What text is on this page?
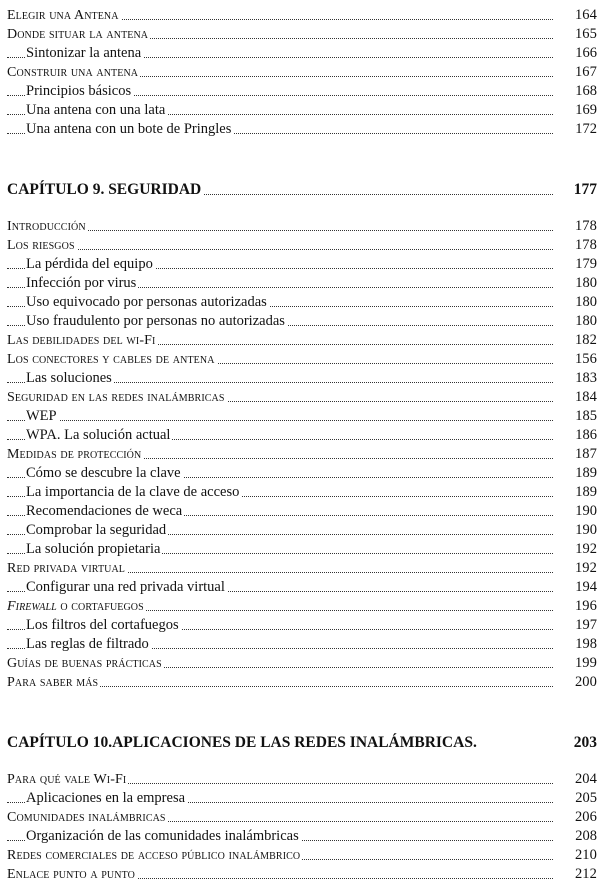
Elegir una Antena	164
Donde situar la antena	165
Sintonizar la antena	166
Construir una antena	167
Principios básicos	168
Una antena con una lata	169
Una antena con un bote de Pringles	172
CAPÍTULO 9. SEGURIDAD	177
Introducción	178
Los riesgos	178
La pérdida del equipo	179
Infección por virus	180
Uso equivocado por personas autorizadas	180
Uso fraudulento por personas no autorizadas	180
Las debilidades del wi-Fi	182
Los conectores y cables de antena	156
Las soluciones	183
Seguridad en las redes inalámbricas	184
WEP	185
WPA. La solución actual	186
Medidas de protección	187
Cómo se descubre la clave	189
La importancia de la clave de acceso	189
Recomendaciones de weca	190
Comprobar la seguridad	190
La solución propietaria	192
Red privada virtual	192
Configurar una red privada virtual	194
Firewall o cortafuegos	196
Los filtros del cortafuegos	197
Las reglas de filtrado	198
Guías de buenas prácticas	199
Para saber más	200
CAPÍTULO 10.APLICACIONES DE LAS REDES INALÁMBRICAS.	203
Para qué vale Wi-Fi	204
Aplicaciones en la empresa	205
Comunidades inalámbricas	206
Organización de las comunidades inalámbricas	208
Redes comerciales de acceso público inalámbrico	210
Enlace punto a punto	212
